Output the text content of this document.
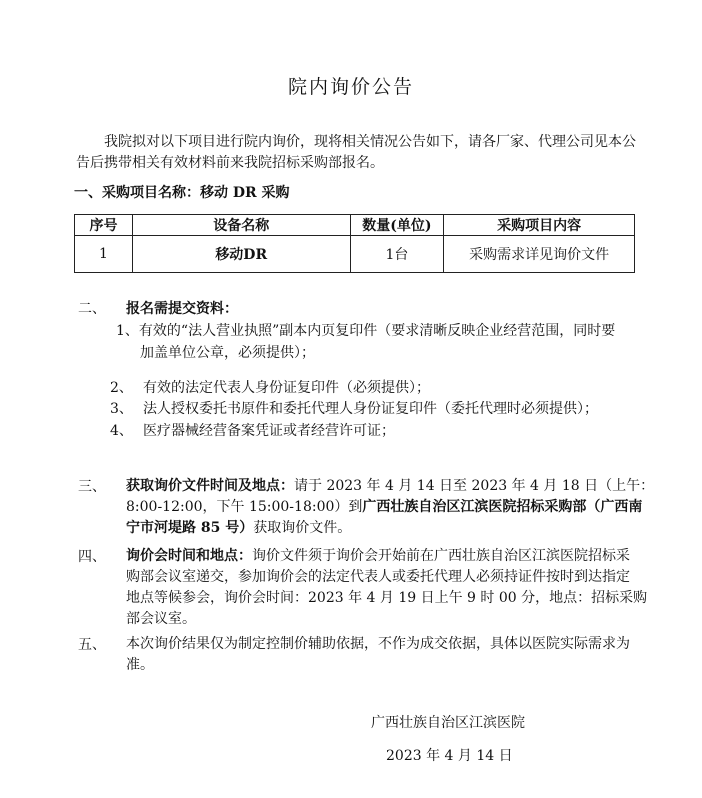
院内询价公告
我院拟对以下项目进行院内询价，现将相关情况公告如下，请各厂家、代理公司见本公告后携带相关有效材料前来我院招标采购部报名。
一、采购项目名称：移动 DR 采购
序号	设备名称	数量(单位)	采购项目内容
1	移动DR	1台	采购需求详见询价文件
二、 报名需提交资料：
1、有效的“法人营业执照”副本内页复印件（要求清晰反映企业经营范围，同时要
加盖单位公章，必须提供）；
2、 有效的法定代表人身份证复印件（必须提供）；
3、 法人授权委托书原件和委托代理人身份证复印件（委托代理时必须提供）；
4、 医疗器械经营备案凭证或者经营许可证；
三、 获取询价文件时间及地点：请于 2023 年 4 月 14 日至 2023 年 4 月 18 日（上午：
8:00-12:00，下午 15:00-18:00）到广西壮族自治区江滨医院招标采购部（广西南
宁市河堤路 85 号）获取询价文件。
四、 询价会时间和地点：询价文件须于询价会开始前在广西壮族自治区江滨医院招标采
购部会议室递交，参加询价会的法定代表人或委托代理人必须持证件按时到达指定
地点等候参会，询价会时间：2023 年 4 月 19 日上午 9 时 00 分，地点：招标采购
部会议室。
五、 本次询价结果仅为制定控制价辅助依据，不作为成交依据，具体以医院实际需求为
准。
广西壮族自治区江滨医院
2023 年 4 月 14 日
